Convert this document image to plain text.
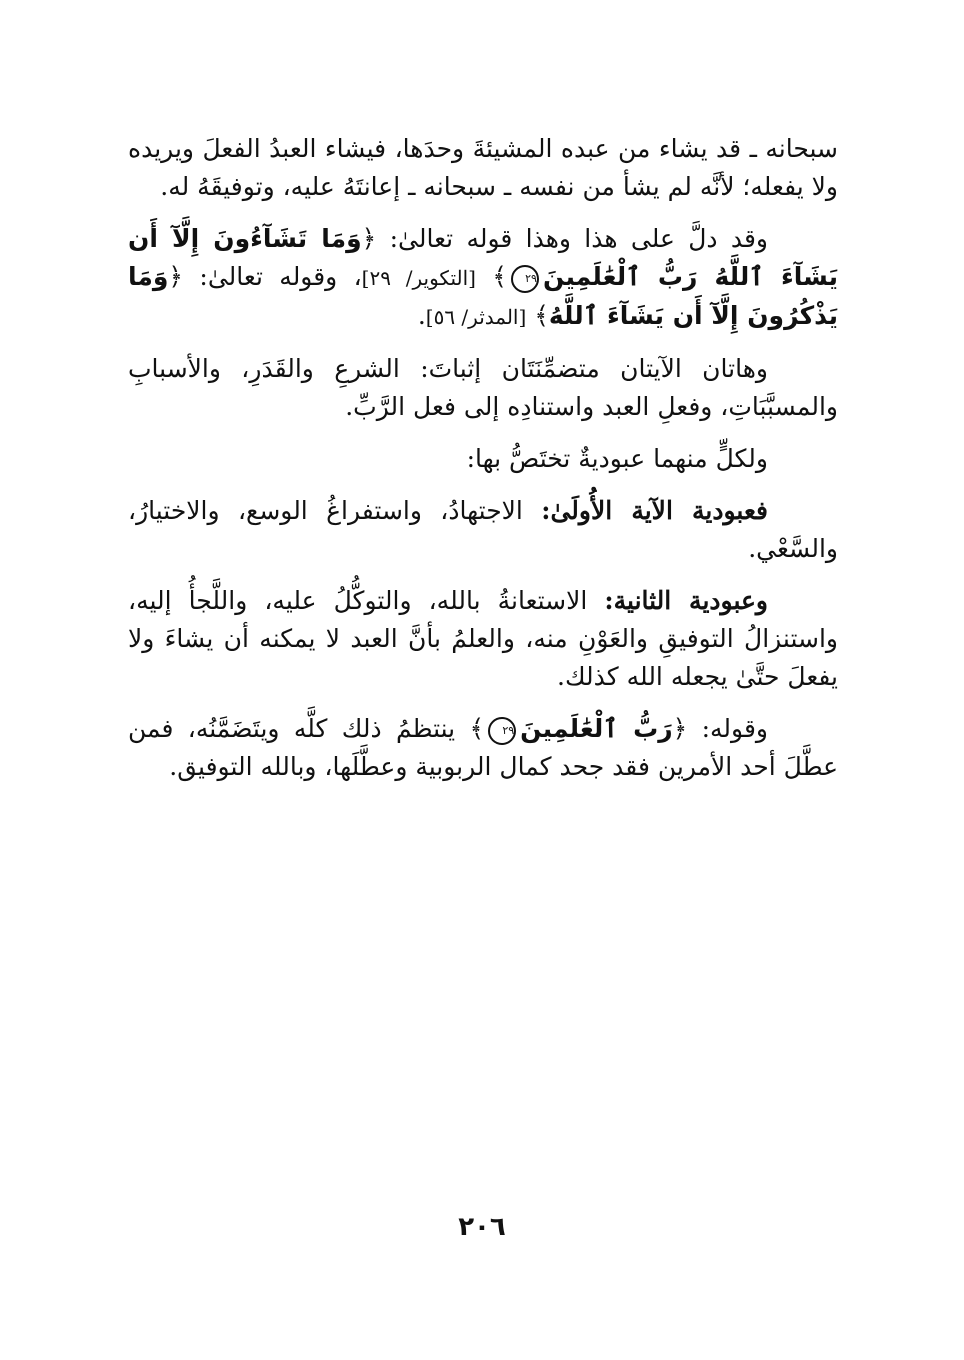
سبحانه ـ قد يشاء من عبده المشيئةَ وحدَها، فيشاء العبدُ الفعلَ ويريده ولا يفعله؛ لأنَّه لم يشأ من نفسه ـ سبحانه ـ إعانتَهُ عليه، وتوفيقَهُ له.

وقد دلَّ على هذا وهذا قوله تعالىٰ: ﴿وَمَا تَشَآءُونَ إِلَّآ أَن يَشَآءَ ٱللَّهُ رَبُّ ٱلْعَٰلَمِينَ٢٩﴾ [التكوير/ ٢٩]، وقوله تعالىٰ: ﴿وَمَا يَذْكُرُونَ إِلَّآ أَن يَشَآءَ ٱللَّهُ﴾ [المدثر/ ٥٦].

وهاتان الآيتان متضمِّنَتَان إثباتَ: الشرعِ والقَدَرِ، والأسبابِ والمسبَّبَاتِ، وفعلِ العبد واستنادِه إلى فعل الرَّبِّ.

ولكلٍّ منهما عبوديةٌ تختَصُّ بها:

فعبودية الآية الأُولَىٰ: الاجتهادُ، واستفراغُ الوسع، والاختيارُ، والسَّعْي.

وعبودية الثانية: الاستعانةُ بالله، والتوكُّلُ عليه، واللَّجأُ إليه، واستنزالُ التوفيقِ والعَوْنِ منه، والعلمُ بأنَّ العبد لا يمكنه أن يشاءَ ولا يفعلَ حتَّىٰ يجعله الله كذلك.

وقوله: ﴿رَبُّ ٱلْعَٰلَمِينَ٢٩﴾ ينتظمُ ذلك كلَّه ويتَضَمَّنُه، فمن عطَّلَ أحد الأمرين فقد جحد كمال الربوبية وعطَّلَها، وبالله التوفيق.

٢٠٦
